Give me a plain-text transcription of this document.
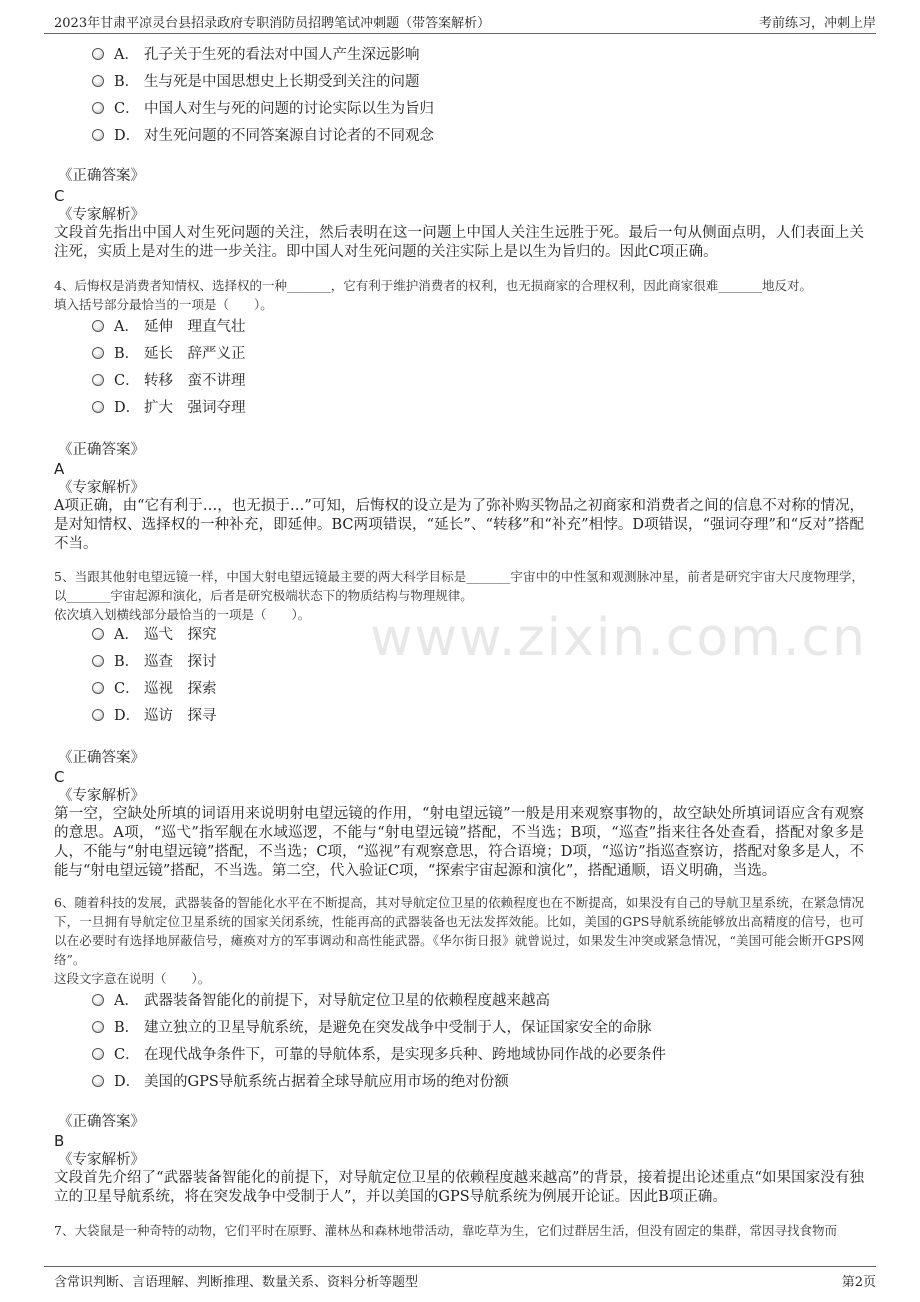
2023年甘肃平凉灵台县招录政府专职消防员招聘笔试冲刺题（带答案解析）	考前练习，冲刺上岸
www.zixin.com.cn
A． 孔子关于生死的看法对中国人产生深远影响
B． 生与死是中国思想史上长期受到关注的问题
C． 中国人对生与死的问题的讨论实际以生为旨归
D． 对生死问题的不同答案源自讨论者的不同观念
《正确答案》
C
《专家解析》
文段首先指出中国人对生死问题的关注，然后表明在这一问题上中国人关注生远胜于死。最后一句从侧面点明，人们表面上关注死，实质上是对生的进一步关注。即中国人对生死问题的关注实际上是以生为旨归的。因此C项正确。
4、后悔权是消费者知情权、选择权的一种_______，它有利于维护消费者的权利，也无损商家的合理权利，因此商家很难_______地反对。
填入括号部分最恰当的一项是（　　）。
A． 延伸　理直气壮
B． 延长　辞严义正
C． 转移　蛮不讲理
D． 扩大　强词夺理
《正确答案》
A
《专家解析》
A项正确，由“它有利于…，也无损于…”可知，后悔权的设立是为了弥补购买物品之初商家和消费者之间的信息不对称的情况，是对知情权、选择权的一种补充，即延伸。BC两项错误，“延长”、“转移”和“补充”相悖。D项错误，“强词夺理”和“反对”搭配不当。
5、当跟其他射电望远镜一样，中国大射电望远镜最主要的两大科学目标是_______宇宙中的中性氢和观测脉冲星，前者是研究宇宙大尺度物理学，以_______宇宙起源和演化，后者是研究极端状态下的物质结构与物理规律。
依次填入划横线部分最恰当的一项是（　　）。
A． 巡弋　探究
B． 巡查　探讨
C． 巡视　探索
D． 巡访　探寻
《正确答案》
C
《专家解析》
第一空，空缺处所填的词语用来说明射电望远镜的作用，“射电望远镜”一般是用来观察事物的，故空缺处所填词语应含有观察的意思。A项，“巡弋”指军舰在水域巡逻，不能与“射电望远镜”搭配，不当选；B项，“巡查”指来往各处查看，搭配对象多是人，不能与“射电望远镜”搭配，不当选；C项，“巡视”有观察意思，符合语境；D项，“巡访”指巡查察访，搭配对象多是人，不能与“射电望远镜”搭配，不当选。第二空，代入验证C项，“探索宇宙起源和演化”，搭配通顺，语义明确，当选。
6、随着科技的发展，武器装备的智能化水平在不断提高，其对导航定位卫星的依赖程度也在不断提高，如果没有自己的导航卫星系统，在紧急情况下，一旦拥有导航定位卫星系统的国家关闭系统，性能再高的武器装备也无法发挥效能。比如，美国的GPS导航系统能够放出高精度的信号，也可以在必要时有选择地屏蔽信号，瘫痪对方的军事调动和高性能武器。《华尔街日报》就曾说过，如果发生冲突或紧急情况，“美国可能会断开GPS网络”。
这段文字意在说明（　　）。
A． 武器装备智能化的前提下，对导航定位卫星的依赖程度越来越高
B． 建立独立的卫星导航系统，是避免在突发战争中受制于人，保证国家安全的命脉
C． 在现代战争条件下，可靠的导航体系，是实现多兵种、跨地域协同作战的必要条件
D． 美国的GPS导航系统占据着全球导航应用市场的绝对份额
《正确答案》
B
《专家解析》
文段首先介绍了“武器装备智能化的前提下，对导航定位卫星的依赖程度越来越高”的背景，接着提出论述重点“如果国家没有独立的卫星导航系统，将在突发战争中受制于人”，并以美国的GPS导航系统为例展开论证。因此B项正确。
7、大袋鼠是一种奇特的动物，它们平时在原野、灌林丛和森林地带活动，靠吃草为生，它们过群居生活，但没有固定的集群，常因寻找食物而
含常识判断、言语理解、判断推理、数量关系、资料分析等题型	第2页
